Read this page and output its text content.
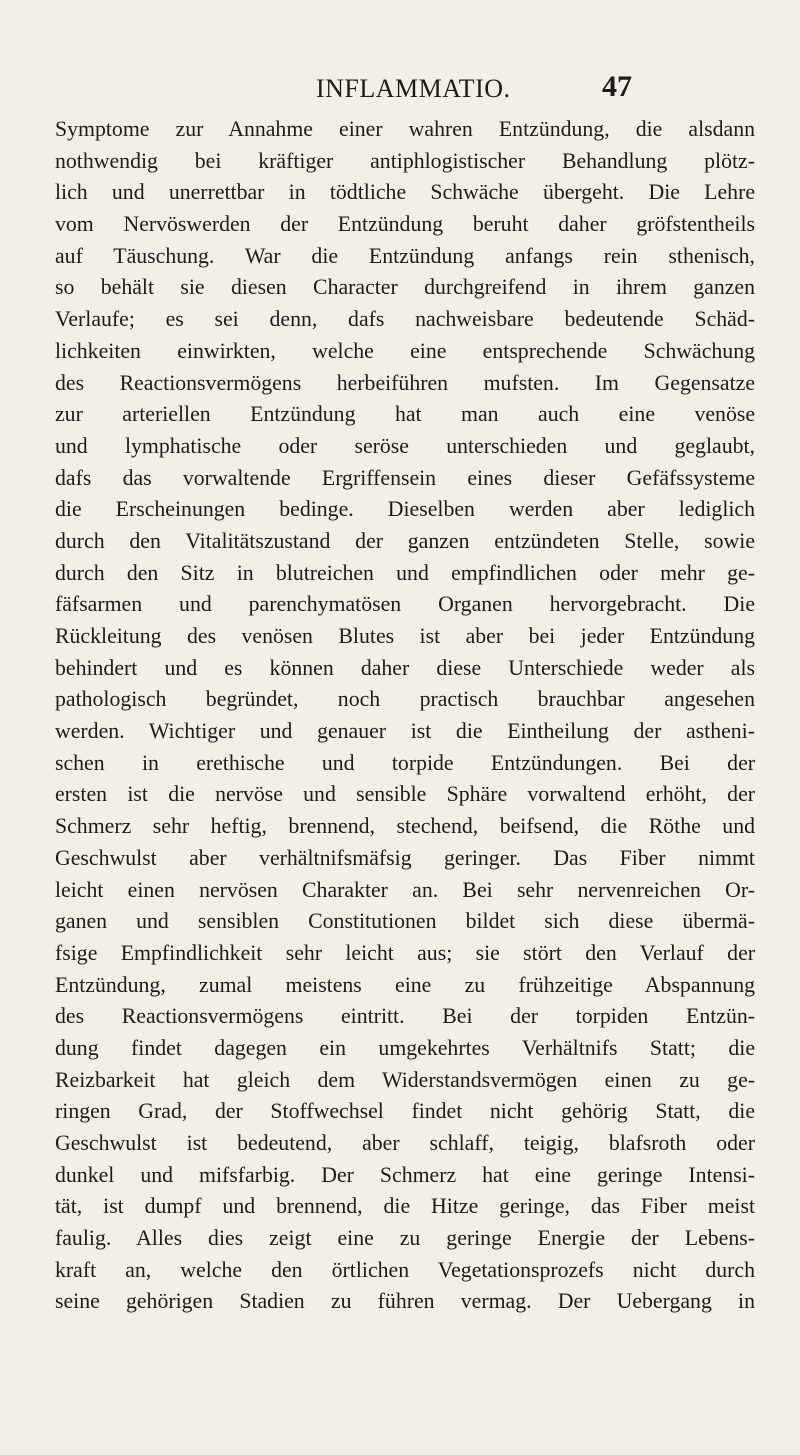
INFLAMMATIO.	47
Symptome zur Annahme einer wahren Entzündung, die alsdann
nothwendig bei kräftiger antiphlogistischer Behandlung plötz-
lich und unerrettbar in tödtliche Schwäche übergeht. Die Lehre
vom Nervöswerden der Entzündung beruht daher gröfstentheils
auf Täuschung. War die Entzündung anfangs rein sthenisch,
so behält sie diesen Character durchgreifend in ihrem ganzen
Verlaufe; es sei denn, dafs nachweisbare bedeutende Schäd-
lichkeiten einwirkten, welche eine entsprechende Schwächung
des Reactionsvermögens herbeiführen mufsten. Im Gegensatze
zur arteriellen Entzündung hat man auch eine venöse
und lymphatische oder seröse unterschieden und geglaubt,
dafs das vorwaltende Ergriffensein eines dieser Gefäfssysteme
die Erscheinungen bedinge. Dieselben werden aber lediglich
durch den Vitalitätszustand der ganzen entzündeten Stelle, sowie
durch den Sitz in blutreichen und empfindlichen oder mehr ge-
fäfsarmen und parenchymatösen Organen hervorgebracht. Die
Rückleitung des venösen Blutes ist aber bei jeder Entzündung
behindert und es können daher diese Unterschiede weder als
pathologisch begründet, noch practisch brauchbar angesehen
werden. Wichtiger und genauer ist die Eintheilung der astheni-
schen in erethische und torpide Entzündungen. Bei der
ersten ist die nervöse und sensible Sphäre vorwaltend erhöht, der
Schmerz sehr heftig, brennend, stechend, beifsend, die Röthe und
Geschwulst aber verhältnifsmäfsig geringer. Das Fiber nimmt
leicht einen nervösen Charakter an. Bei sehr nervenreichen Or-
ganen und sensiblen Constitutionen bildet sich diese übermä-
fsige Empfindlichkeit sehr leicht aus; sie stört den Verlauf der
Entzündung, zumal meistens eine zu frühzeitige Abspannung
des Reactionsvermögens eintritt. Bei der torpiden Entzün-
dung findet dagegen ein umgekehrtes Verhältnifs Statt; die
Reizbarkeit hat gleich dem Widerstandsvermögen einen zu ge-
ringen Grad, der Stoffwechsel findet nicht gehörig Statt, die
Geschwulst ist bedeutend, aber schlaff, teigig, blafsroth oder
dunkel und mifsfarbig. Der Schmerz hat eine geringe Intensi-
tät, ist dumpf und brennend, die Hitze geringe, das Fiber meist
faulig. Alles dies zeigt eine zu geringe Energie der Lebens-
kraft an, welche den örtlichen Vegetationsprozefs nicht durch
seine gehörigen Stadien zu führen vermag. Der Uebergang in
